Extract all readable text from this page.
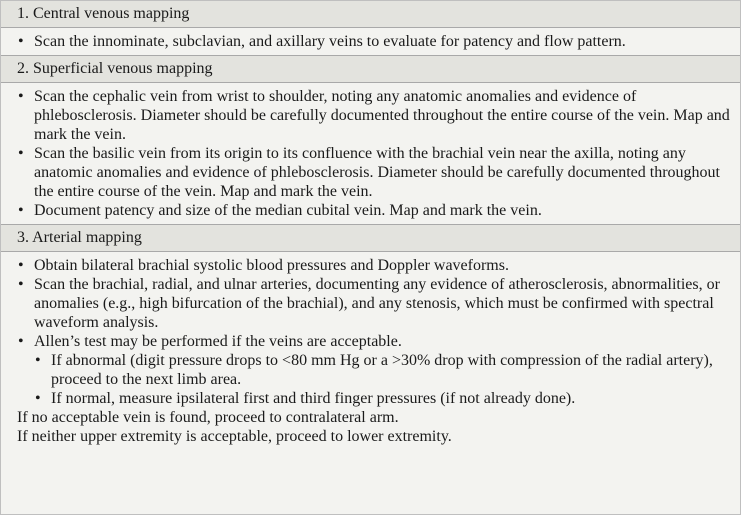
1. Central venous mapping
• Scan the innominate, subclavian, and axillary veins to evaluate for patency and flow pattern.
2. Superficial venous mapping
• Scan the cephalic vein from wrist to shoulder, noting any anatomic anomalies and evidence of phlebosclerosis. Diameter should be carefully documented throughout the entire course of the vein. Map and mark the vein.
• Scan the basilic vein from its origin to its confluence with the brachial vein near the axilla, noting any anatomic anomalies and evidence of phlebosclerosis. Diameter should be carefully documented throughout the entire course of the vein. Map and mark the vein.
• Document patency and size of the median cubital vein. Map and mark the vein.
3. Arterial mapping
• Obtain bilateral brachial systolic blood pressures and Doppler waveforms.
• Scan the brachial, radial, and ulnar arteries, documenting any evidence of atherosclerosis, abnormalities, or anomalies (e.g., high bifurcation of the brachial), and any stenosis, which must be confirmed with spectral waveform analysis.
• Allen’s test may be performed if the veins are acceptable.
• If abnormal (digit pressure drops to <80 mm Hg or a >30% drop with compression of the radial artery), proceed to the next limb area.
• If normal, measure ipsilateral first and third finger pressures (if not already done).

If no acceptable vein is found, proceed to contralateral arm.

If neither upper extremity is acceptable, proceed to lower extremity.
